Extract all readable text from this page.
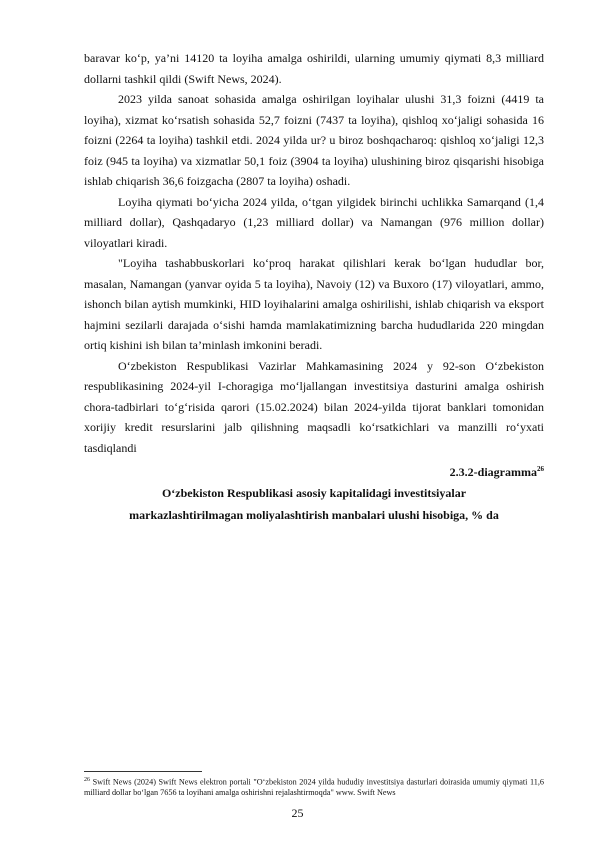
baravar ko‘p, ya’ni 14120 ta loyiha amalga oshirildi, ularning umumiy qiymati 8,3 milliard dollarni tashkil qildi (Swift News, 2024).

2023 yilda sanoat sohasida amalga oshirilgan loyihalar ulushi 31,3 foizni (4419 ta loyiha), xizmat ko‘rsatish sohasida 52,7 foizni (7437 ta loyiha), qishloq xo‘jaligi sohasida 16 foizni (2264 ta loyiha) tashkil etdi. 2024 yilda ur? u biroz boshqacharoq: qishloq xo‘jaligi 12,3 foiz (945 ta loyiha) va xizmatlar 50,1 foiz (3904 ta loyiha) ulushining biroz qisqarishi hisobiga ishlab chiqarish 36,6 foizgacha (2807 ta loyiha) oshadi.

Loyiha qiymati bo‘yicha 2024 yilda, o‘tgan yilgidek birinchi uchlikka Samarqand (1,4 milliard dollar), Qashqadaryo (1,23 milliard dollar) va Namangan (976 million dollar) viloyatlari kiradi.

"Loyiha tashabbuskorlari ko‘proq harakat qilishlari kerak bo‘lgan hududlar bor, masalan, Namangan (yanvar oyida 5 ta loyiha), Navoiy (12) va Buxoro (17) viloyatlari, ammo, ishonch bilan aytish mumkinki, HID loyihalarini amalga oshirilishi, ishlab chiqarish va eksport hajmini sezilarli darajada o‘sishi hamda mamlakatimizning barcha hududlarida 220 mingdan ortiq kishini ish bilan ta’minlash imkonini beradi.

O‘zbekiston Respublikasi Vazirlar Mahkamasining 2024 y 92-son O‘zbekiston respublikasining 2024-yil I-choragiga mo‘ljallangan investitsiya dasturini amalga oshirish chora-tadbirlari to‘g‘risida qarori (15.02.2024) bilan 2024-yilda tijorat banklari tomonidan xorijiy kredit resurslarini jalb qilishning maqsadli ko‘rsatkichlari va manzilli ro‘yxati tasdiqlandi

2.3.2-diagramma$^{26}$
O‘zbekiston Respublikasi asosiy kapitalidagi investitsiyalar
markazlashtirilmagan moliyalashtirish manbalari ulushi hisobiga, % da
$^{26}$ Swift News (2024) Swift News elektron portali "O‘zbekiston 2024 yilda hududiy investitsiya dasturlari doirasida umumiy qiymati 11,6 milliard dollar bo‘lgan 7656 ta loyihani amalga oshirishni rejalashtirmoqda" www. Swift News
25
